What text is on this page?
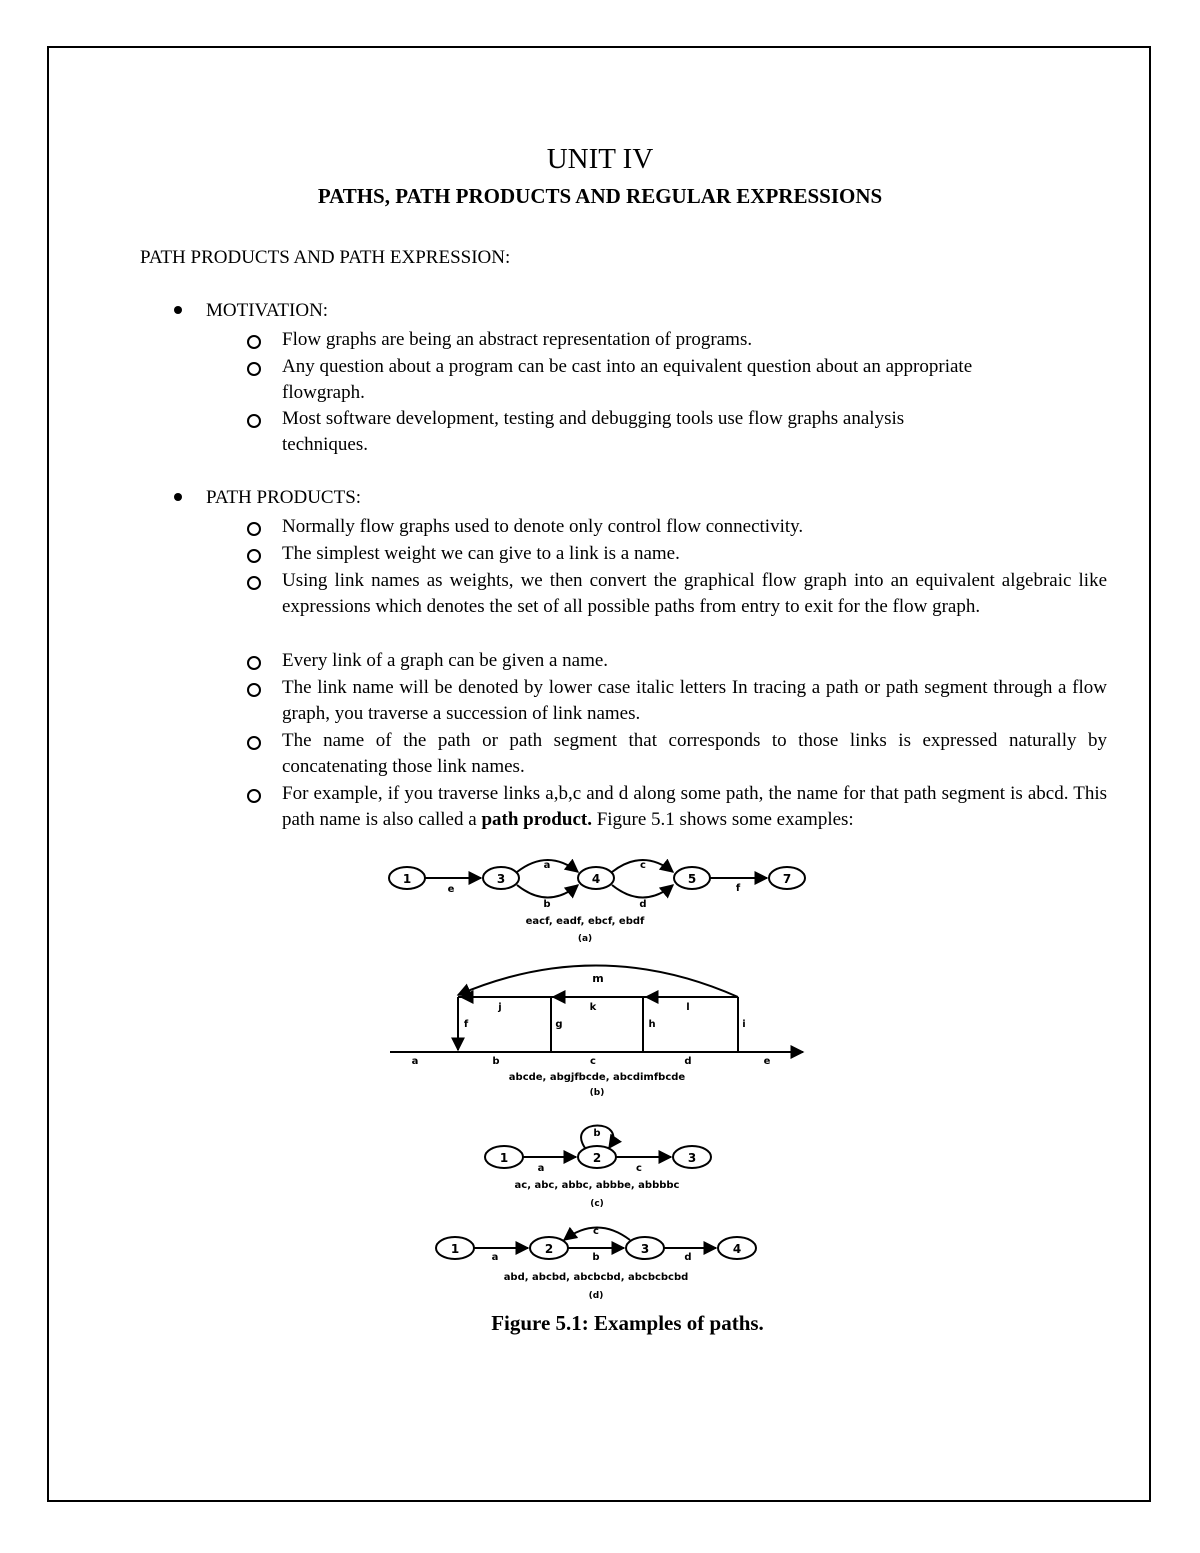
UNIT IV
PATHS, PATH PRODUCTS AND REGULAR EXPRESSIONS
PATH PRODUCTS AND PATH EXPRESSION:
MOTIVATION:
Flow graphs are being an abstract representation of programs.
Any question about a program can be cast into an equivalent question about an appropriate flowgraph.
Most software development, testing and debugging tools use flow graphs analysis techniques.
PATH PRODUCTS:
Normally flow graphs used to denote only control flow connectivity.
The simplest weight we can give to a link is a name.
Using link names as weights, we then convert the graphical flow graph into an equivalent algebraic like expressions which denotes the set of all possible paths from entry to exit for the flow graph.
Every link of a graph can be given a name.
The link name will be denoted by lower case italic letters In tracing a path or path segment through a flow graph, you traverse a succession of link names.
The name of the path or path segment that corresponds to those links is expressed naturally by concatenating those link names.
For example, if you traverse links a,b,c and d along some path, the name for that path segment is abcd. This path name is also called a path product. Figure 5.1 shows some examples:
1	3	4	5	7
e
a
b
c
d
f
eacf, eadf, ebcf, ebdf
(a)
m
j	k	l
f	g	h	i
a	b	c	d	e
abcde, abgjfbcde, abcdimfbcde
(b)
1	2	3
b
a	c
ac, abc, abbc, abbbe, abbbbc
(c)
1	2	3	4
c
a	b	d
abd, abcbd, abcbcbd, abcbcbcbd
(d)
Figure 5.1: Examples of paths.
